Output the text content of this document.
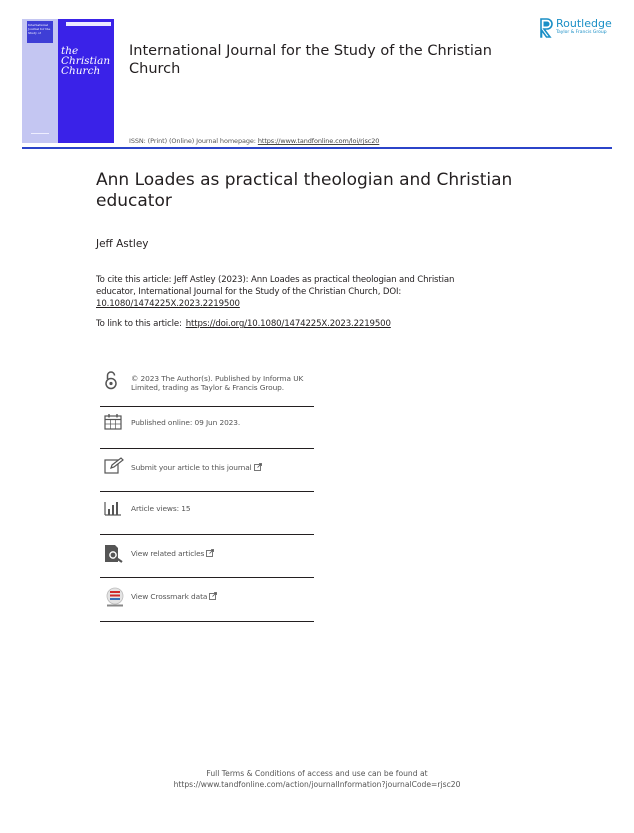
International Journal for the Study of
the Christian Church
International Journal for the Study of the Christian Church
ISSN: (Print) (Online) Journal homepage: https://www.tandfonline.com/loi/rjsc20
Routledge
Taylor & Francis Group
Ann Loades as practical theologian and Christian educator
Jeff Astley
To cite this article: Jeff Astley (2023): Ann Loades as practical theologian and Christian educator, International Journal for the Study of the Christian Church, DOI: 10.1080/1474225X.2023.2219500
To link to this article: https://doi.org/10.1080/1474225X.2023.2219500
© 2023 The Author(s). Published by Informa UK Limited, trading as Taylor & Francis Group.
Published online: 09 Jun 2023.
Submit your article to this journal
Article views: 15
View related articles
View Crossmark data
Full Terms & Conditions of access and use can be found at
https://www.tandfonline.com/action/journalInformation?journalCode=rjsc20
